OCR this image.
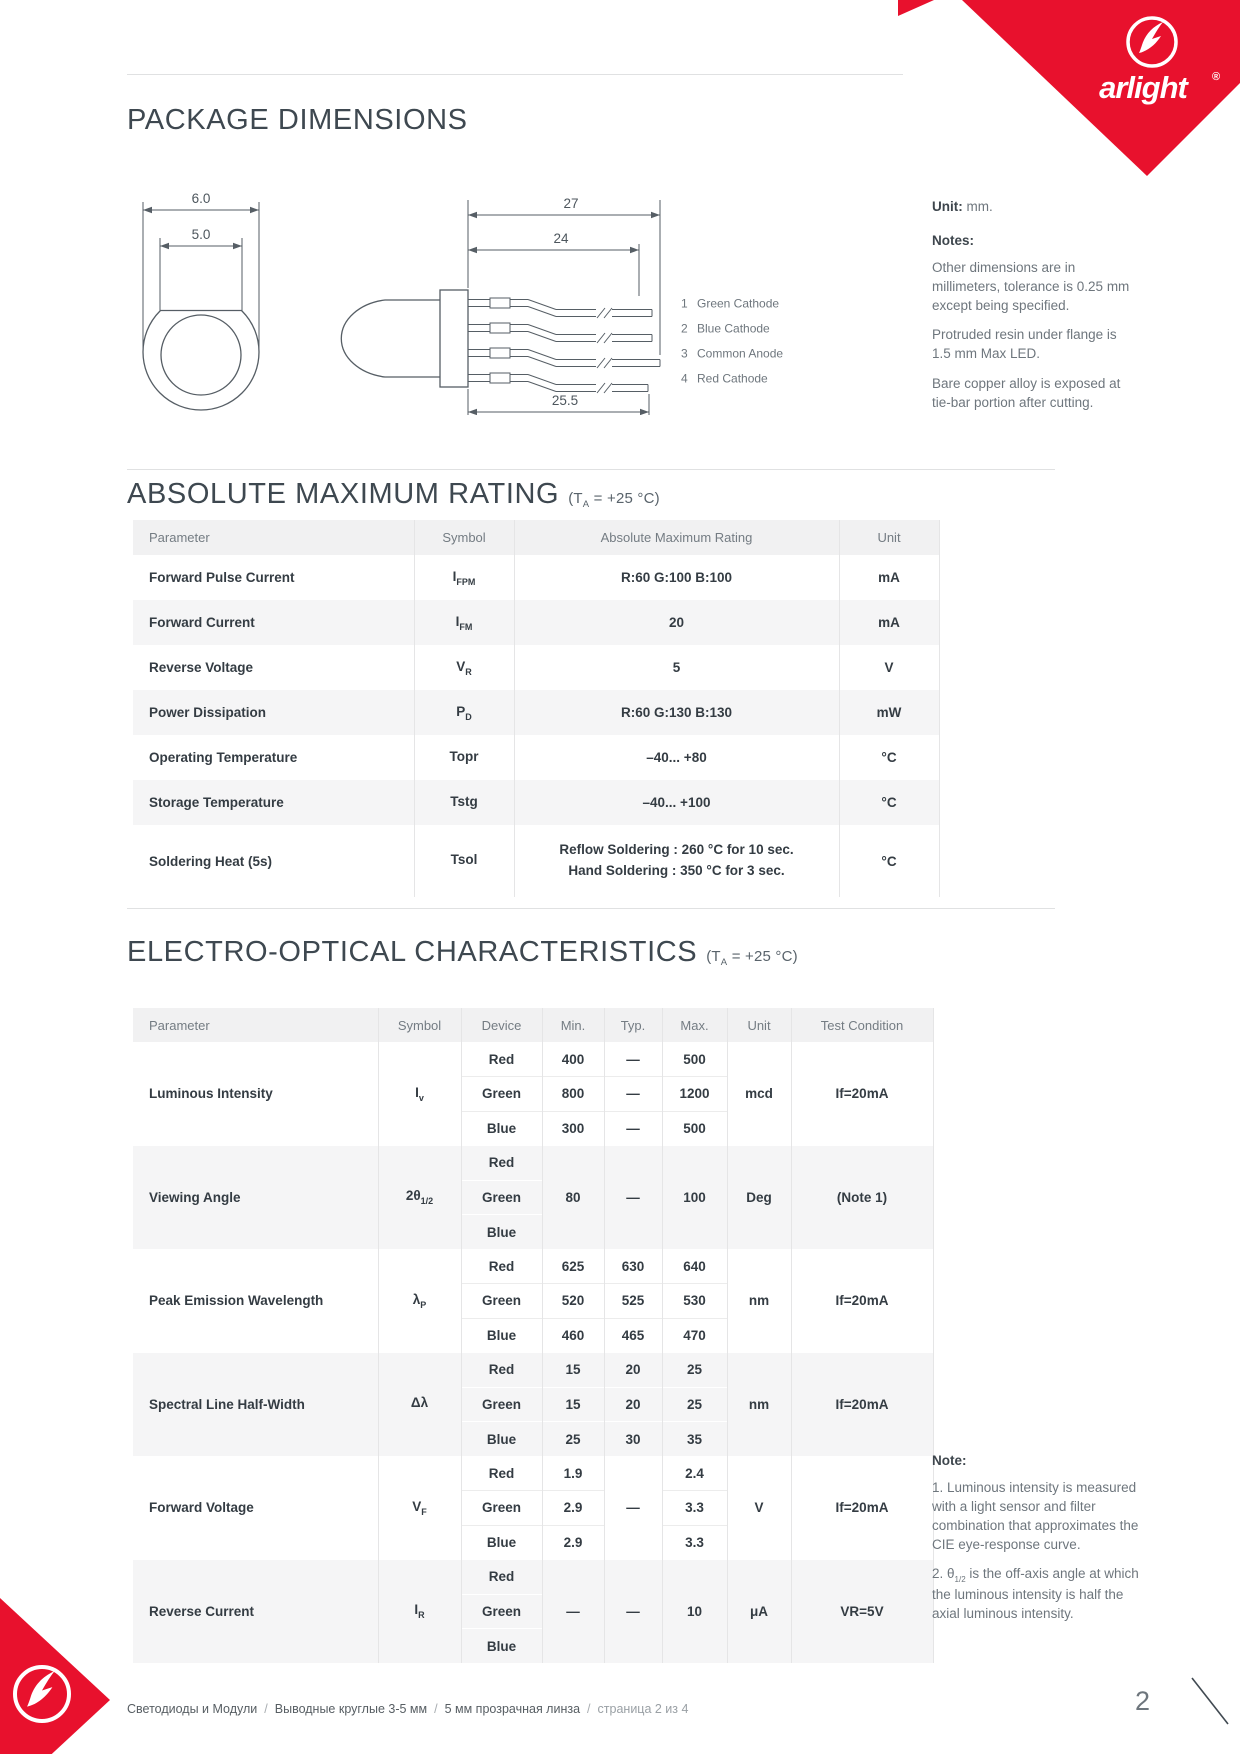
arlight ®
PACKAGE DIMENSIONS
6.0
5.0
27
24
25.5
1 Green Cathode
2 Blue Cathode
3 Common Anode
4 Red Cathode
Unit: mm.
Notes:

Other dimensions are in millimeters, tolerance is 0.25 mm except being specified.

Protruded resin under flange is 1.5 mm Max LED.

Bare copper alloy is exposed at tie-bar portion after cutting.

ABSOLUTE MAXIMUM RATING ($T_A = +25$ °C)
Parameter	Symbol	Absolute Maximum Rating	Unit
Forward Pulse Current	$I_{FPM}$	R:60 G:100 B:100	mA
Forward Current	$I_{FM}$	20	mA
Reverse Voltage	$V_R$	5	V
Power Dissipation	$P_D$	R:60 G:130 B:130	mW
Operating Temperature	Topr	–40... +80	°C
Storage Temperature	Tstg	–40... +100	°C
Soldering Heat (5s)	Tsol	Reflow Soldering : 260 °C for 10 sec.
Hand Soldering : 350 °C for 3 sec.	°C
ELECTRO-OPTICAL CHARACTERISTICS ($T_A = +25$ °C)
Parameter	Symbol	Device	Min.	Typ.	Max.	Unit	Test Condition
Luminous Intensity	$I_v$	Red	400	—	500	mcd	If=20mA
		Green	800	—	1200		
		Blue	300	—	500		
Viewing Angle	$2\theta_{1/2}$	Red	80	—	100	Deg	(Note 1)
		Green					
		Blue					
Peak Emission Wavelength	$\lambda_P$	Red	625	630	640	nm	If=20mA
		Green	520	525	530		
		Blue	460	465	470		
Spectral Line Half-Width	Δλ	Red	15	20	25	nm	If=20mA
		Green	15	20	25		
		Blue	25	30	35		
Forward Voltage	$V_F$	Red	1.9	—	2.4	V	If=20mA
		Green	2.9		3.3		
		Blue	2.9		3.3		
Reverse Current	$I_R$	Red	—	—	10	μA	VR=5V
		Green					
		Blue					
Note:

1. Luminous intensity is measured with a light sensor and filter combination that approximates the CIE eye-response curve.

2. $\theta_{1/2}$ is the off-axis angle at which the luminous intensity is half the axial luminous intensity.

Светодиоды и Модули / Выводные круглые 3-5 мм / 5 мм прозрачная линза / страница 2 из 4	2
